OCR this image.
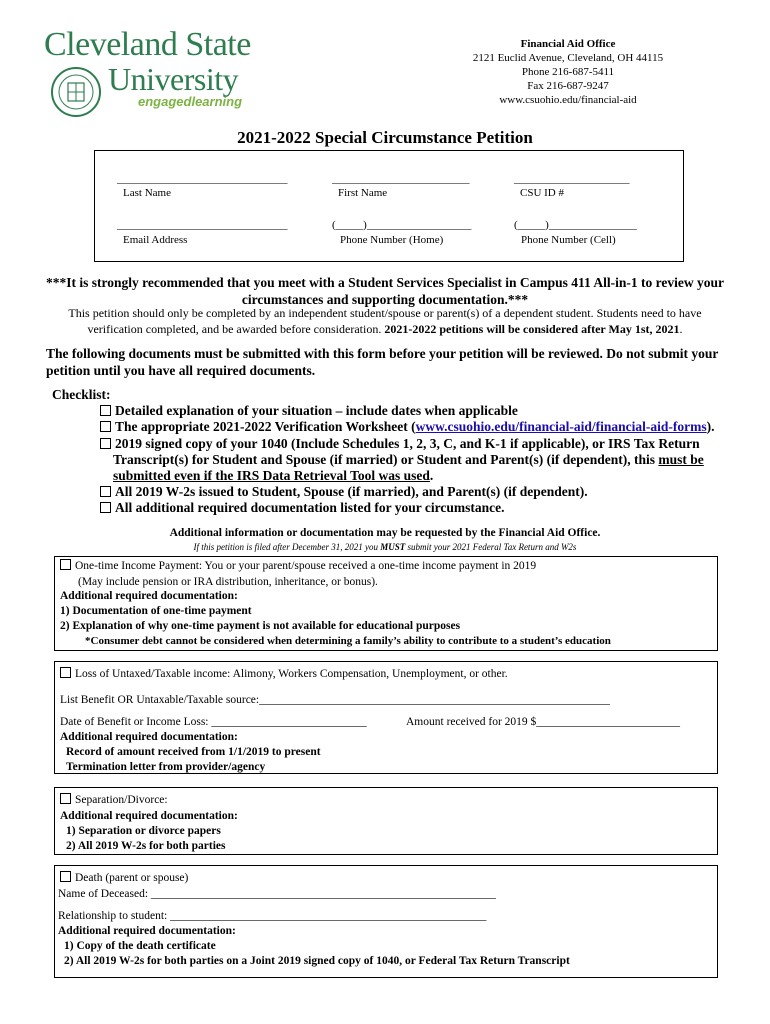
Cleveland State
University
engagedlearning
Financial Aid Office
2121 Euclid Avenue, Cleveland, OH 44115
Phone 216-687-5411
Fax 216-687-9247
www.csuohio.edu/financial-aid
2021-2022 Special Circumstance Petition
_______________________________
Last Name
_________________________
First Name
_____________________
CSU ID #
_______________________________
Email Address
(_____)___________________
Phone Number (Home)
(_____)________________
Phone Number (Cell)
***It is strongly recommended that you meet with a Student Services Specialist in Campus 411 All-in-1 to review your circumstances and supporting documentation.***
This petition should only be completed by an independent student/spouse or parent(s) of a dependent student. Students need to have verification completed, and be awarded before consideration. 2021-2022 petitions will be considered after May 1st, 2021.
The following documents must be submitted with this form before your petition will be reviewed. Do not submit your petition until you have all required documents.
Checklist:
Detailed explanation of your situation – include dates when applicable
The appropriate 2021-2022 Verification Worksheet (www.csuohio.edu/financial-aid/financial-aid-forms).
2019 signed copy of your 1040 (Include Schedules 1, 2, 3, C, and K-1 if applicable), or IRS Tax Return
Transcript(s) for Student and Spouse (if married) or Student and Parent(s) (if dependent), this must be
submitted even if the IRS Data Retrieval Tool was used.
All 2019 W-2s issued to Student, Spouse (if married), and Parent(s) (if dependent).
All additional required documentation listed for your circumstance.
Additional information or documentation may be requested by the Financial Aid Office.
If this petition is filed after December 31, 2021 you MUST submit your 2021 Federal Tax Return and W2s
One-time Income Payment: You or your parent/spouse received a one-time income payment in 2019
(May include pension or IRA distribution, inheritance, or bonus).
Additional required documentation:
1) Documentation of one-time payment
2) Explanation of why one-time payment is not available for educational purposes
*Consumer debt cannot be considered when determining a family’s ability to contribute to a student’s education
Loss of Untaxed/Taxable income: Alimony, Workers Compensation, Unemployment, or other.
List Benefit OR Untaxable/Taxable source:_____________________________________________________________
Date of Benefit or Income Loss: ___________________________	Amount received for 2019 $_________________________
Additional required documentation:
Record of amount received from 1/1/2019 to present
Termination letter from provider/agency
Separation/Divorce:
Additional required documentation:
1) Separation or divorce papers
2) All 2019 W-2s for both parties
Death (parent or spouse)
Name of Deceased: ____________________________________________________________
Relationship to student: _______________________________________________________
Additional required documentation:
1) Copy of the death certificate
2) All 2019 W-2s for both parties on a Joint 2019 signed copy of 1040, or Federal Tax Return Transcript
